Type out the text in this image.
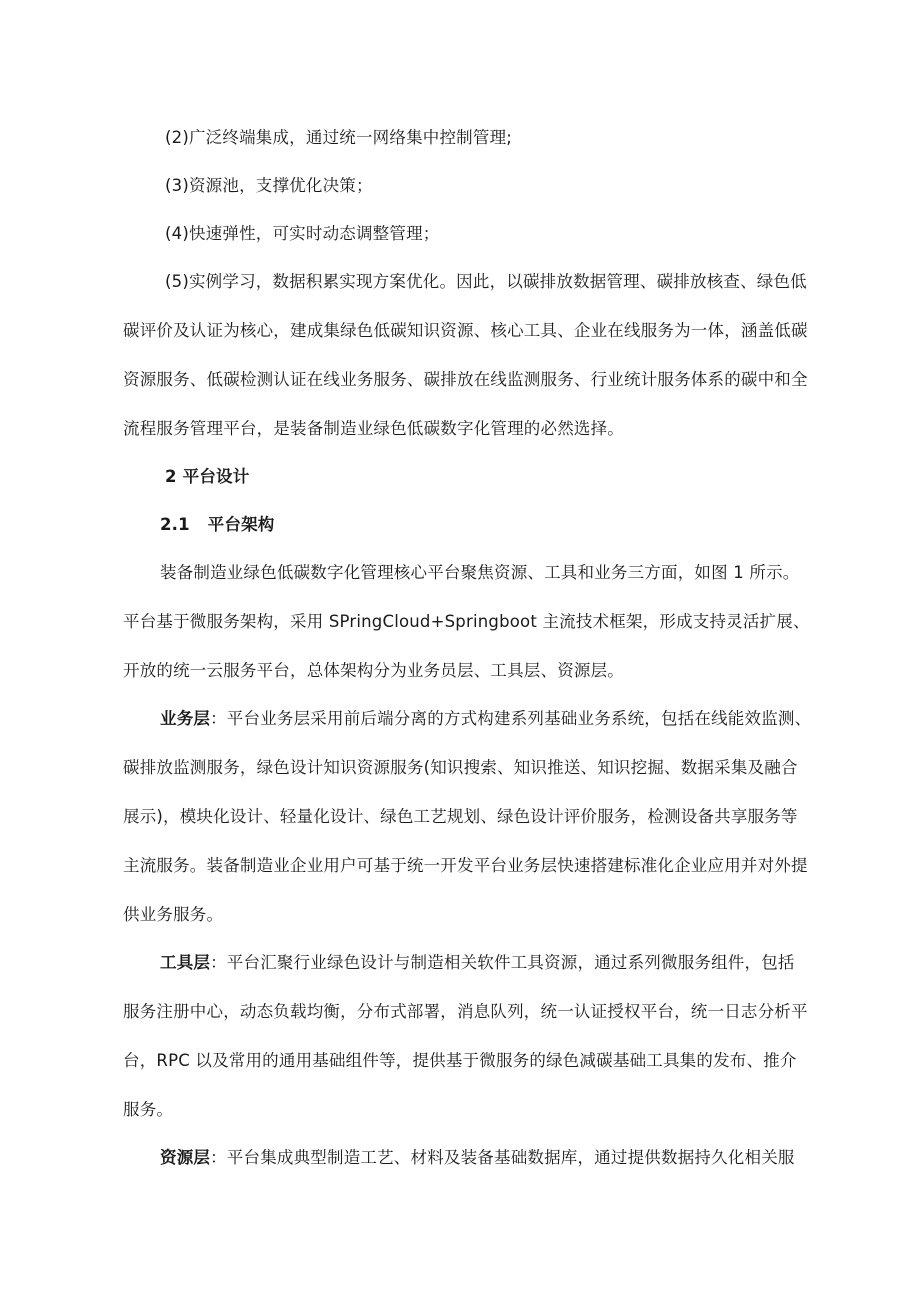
(2)广泛终端集成，通过统一网络集中控制管理;
(3)资源池，支撑优化决策；
(4)快速弹性，可实时动态调整管理；
(5)实例学习，数据积累实现方案优化。因此，以碳排放数据管理、碳排放核查、绿色低
碳评价及认证为核心，建成集绿色低碳知识资源、核心工具、企业在线服务为一体，涵盖低碳
资源服务、低碳检测认证在线业务服务、碳排放在线监测服务、行业统计服务体系的碳中和全
流程服务管理平台，是装备制造业绿色低碳数字化管理的必然选择。
2 平台设计
2.1   平台架构
装备制造业绿色低碳数字化管理核心平台聚焦资源、工具和业务三方面，如图 1 所示。
平台基于微服务架构，采用 SPringCloud+Springboot 主流技术框架，形成支持灵活扩展、
开放的统一云服务平台，总体架构分为业务员层、工具层、资源层。
业务层：平台业务层采用前后端分离的方式构建系列基础业务系统，包括在线能效监测、
碳排放监测服务，绿色设计知识资源服务(知识搜索、知识推送、知识挖掘、数据采集及融合
展示)，模块化设计、轻量化设计、绿色工艺规划、绿色设计评价服务，检测设备共享服务等
主流服务。装备制造业企业用户可基于统一开发平台业务层快速搭建标准化企业应用并对外提
供业务服务。
工具层：平台汇聚行业绿色设计与制造相关软件工具资源，通过系列微服务组件，包括
服务注册中心，动态负载均衡，分布式部署，消息队列，统一认证授权平台，统一日志分析平
台，RPC 以及常用的通用基础组件等，提供基于微服务的绿色减碳基础工具集的发布、推介
服务。
资源层：平台集成典型制造工艺、材料及装备基础数据库，通过提供数据持久化相关服
